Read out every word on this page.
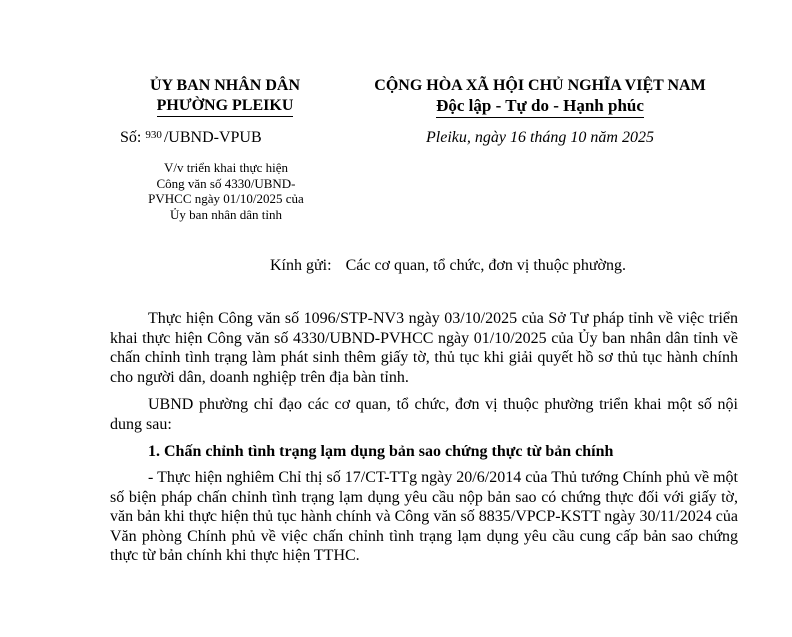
ỦY BAN NHÂN DÂN
PHƯỜNG PLEIKU
CỘNG HÒA XÃ HỘI CHỦ NGHĨA VIỆT NAM
Độc lập - Tự do - Hạnh phúc
Số: $^{930}$ /UBND-VPUB	Pleiku, ngày 16 tháng 10 năm 2025
V/v triển khai thực hiện
Công văn số 4330/UBND-
PVHCC ngày 01/10/2025 của
Ủy ban nhân dân tỉnh
Kính gửi: Các cơ quan, tổ chức, đơn vị thuộc phường.

Thực hiện Công văn số 1096/STP-NV3 ngày 03/10/2025 của Sở Tư pháp tỉnh về việc triển khai thực hiện Công văn số 4330/UBND-PVHCC ngày 01/10/2025 của Ủy ban nhân dân tỉnh về chấn chỉnh tình trạng làm phát sinh thêm giấy tờ, thủ tục khi giải quyết hồ sơ thủ tục hành chính cho người dân, doanh nghiệp trên địa bàn tỉnh.

UBND phường chỉ đạo các cơ quan, tổ chức, đơn vị thuộc phường triển khai một số nội dung sau:

1. Chấn chỉnh tình trạng lạm dụng bản sao chứng thực từ bản chính

- Thực hiện nghiêm Chỉ thị số 17/CT-TTg ngày 20/6/2014 của Thủ tướng Chính phủ về một số biện pháp chấn chỉnh tình trạng lạm dụng yêu cầu nộp bản sao có chứng thực đối với giấy tờ, văn bản khi thực hiện thủ tục hành chính và Công văn số 8835/VPCP-KSTT ngày 30/11/2024 của Văn phòng Chính phủ về việc chấn chỉnh tình trạng lạm dụng yêu cầu cung cấp bản sao chứng thực từ bản chính khi thực hiện TTHC.
